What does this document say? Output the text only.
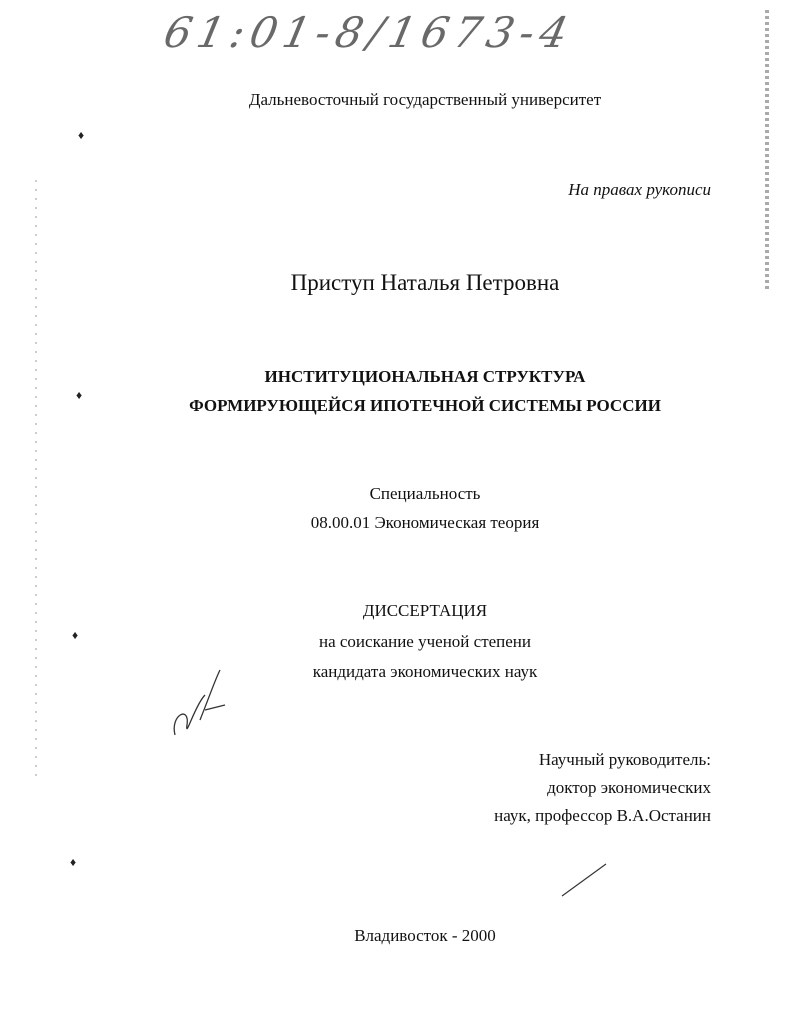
♦
♦
♦
♦
61:01-8/1673-4
Дальневосточный государственный университет
На правах рукописи
Приступ Наталья Петровна
ИНСТИТУЦИОНАЛЬНАЯ СТРУКТУРА
ФОРМИРУЮЩЕЙСЯ ИПОТЕЧНОЙ СИСТЕМЫ РОССИИ
Специальность
08.00.01 Экономическая теория
ДИССЕРТАЦИЯ
на соискание ученой степени
кандидата экономических наук
Научный руководитель:
доктор экономических
наук, профессор В.А.Останин
Владивосток - 2000
